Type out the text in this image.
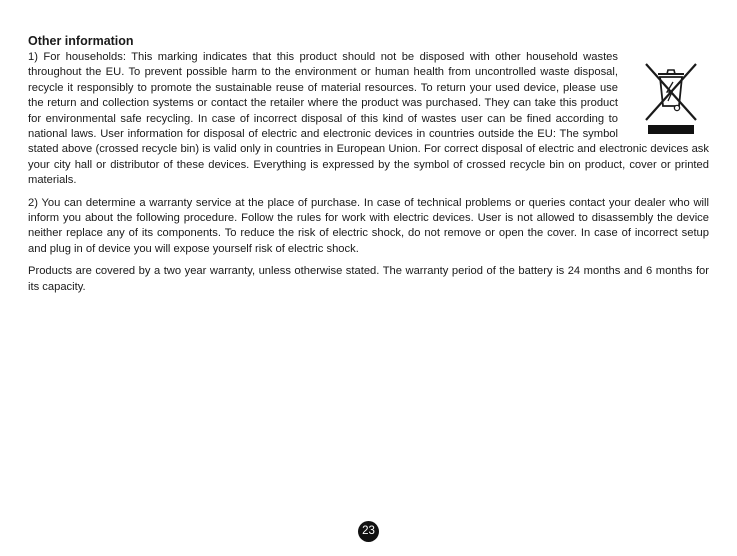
Other information

1) For households: This marking indicates that this product should not be disposed with other household wastes throughout the EU. To prevent possible harm to the environment or human health from uncontrolled waste disposal, recycle it responsibly to promote the sustainable reuse of material resources. To return your used device, please use the return and collection systems or contact the retailer where the product was purchased. They can take this product for environmental safe recycling. In case of incorrect disposal of this kind of wastes user can be fined according to national laws. User information for disposal of electric and electronic devices in countries outside the EU: The symbol stated above (crossed recycle bin) is valid only in countries in European Union. For correct disposal of electric and electronic devices ask your city hall or distributor of these devices. Everything is expressed by the symbol of crossed recycle bin on product, cover or printed materials.

2) You can determine a warranty service at the place of purchase. In case of technical problems or queries contact your dealer who will inform you about the following procedure. Follow the rules for work with electric devices. User is not allowed to disassembly the device neither replace any of its components. To reduce the risk of electric shock, do not remove or open the cover. In case of incorrect setup and plug in of device you will expose yourself risk of electric shock.

Products are covered by a two year warranty, unless otherwise stated. The warranty period of the battery is 24 months and 6 months for its capacity.

23
